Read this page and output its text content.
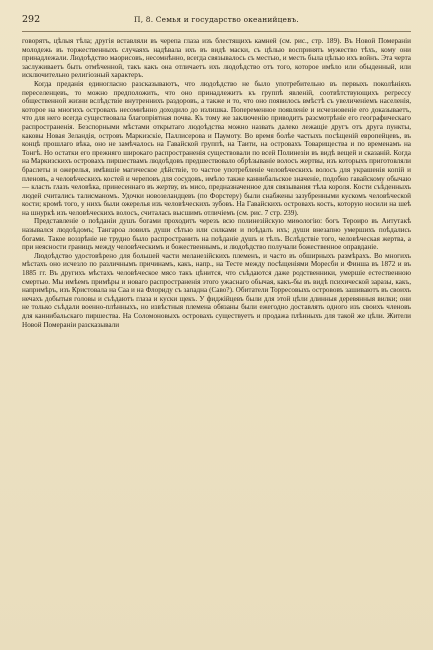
292	П, 8. Семья и государство океанийцевъ.

говорятъ, цѣлыя тѣла; другія вставляли въ черепа глаза изъ блестящихъ камней (см. рис., стр. 189). Въ Новой Помераніи молодежь въ торжественныхъ случаяхъ надѣвала ихъ въ видѣ маски, съ цѣлью воспринять мужество тѣхъ, кому они принадлежали. Людоѣдство маорисовъ, несомнѣнно, всегда связывалось съ местью, и месть была цѣлью ихъ войнъ. Эта черта заслуживаетъ быть отмѣченной, такъ какъ она отличаетъ ихъ людоѣдство отъ того, которое имѣло или обыденный, или исключительно религіозный характеръ.

Когда преданія единогласно разсказываютъ, что людоѣдство не было употребительно въ первыхъ поколѣніяхъ переселенцевъ, то можно предположить, что оно принадлежитъ къ группѣ явленій, соотвѣтствующихъ регрессу общественной жизни вслѣдствіе внутреннихъ раздоровъ, а также и то, что оно появилось вмѣстѣ съ увеличеніемъ населенія, которое на многихъ островахъ несомнѣнно доходило до излишка. Попеременное появленіе и исчезновеніе его доказываетъ, что для него всегда существовала благопріятная почва. Къ тому же заключенію приводитъ разсмотрѣніе его географическаго распространенія. Безспорными мѣстами открытаго людоѣдства можно назвать далеко лежащіе другъ отъ друга пункты, каковы Новая Зеландія, островъ Маркизскіе, Паллисерова и Паумоту. Во время болѣе частыхъ посѣщеній европейцевъ, въ концѣ прошлаго вѣка, оно не замѣчалось на Гавайской группѣ, на Таити, на островахъ Товарищества и по временамъ на Тонгѣ. Но остатки его прежняго широкаго распространенія существовали по всей Полинезіи въ видѣ вещей и сказаній. Когда на Маркизскихъ островахъ пиршествамъ людоѣдовъ предшествовало обрѣзываніе волосъ жертвы, изъ которыхъ приготовляли браслеты и ожерелья, имѣвшіе магическое дѣйствіе, то частое употребленіе человѣческихъ волосъ для украшенія копій и пленовъ, а человѣческихъ костей и череповъ для сосудовъ, имѣло также каннибальское значеніе, подобно гавайскому обычаю — класть глазъ человѣка, принесеннаго въ жертву, въ мисо, предназначенное для связывания тѣла короля. Кости съѣденныхъ людей считались талисманомъ. Удочки новозеландцевъ (по Форстеру) были снабжены зазубренными кускомъ человѣческой кости; кромѣ того, у нихъ были ожерелья изъ человѣческихъ зубовъ. На Гавайскихъ островахъ кость, которую носили на шеѣ на шнуркѣ изъ человѣческихъ волосъ, считалась высшимъ отличіемъ (см. рис. 7 стр. 239).

Представленіе о поѣданіи душъ богами проходитъ черезъ всю полинезійскую миѳологію: богъ Тероиро въ Аитутакѣ назывался людоѣдомъ; Тангароа ловилъ души сѣтью или силками и поѣдалъ ихъ; души внезапно умершихъ поѣдались богами. Такое воззрѣніе не трудно было распространить на поѣданіе душъ и тѣлъ. Вслѣдствіе того, человѣческая жертва, а при неясности границъ между человѣческимъ и божественнымъ, и людоѣдство получали божественное оправданіе.

Людоѣдство удостовѣрено для большей части меланезійскихъ племенъ, и часто въ обширныхъ размѣрахъ. Во многихъ мѣстахъ оно исчезло по различнымъ причинамъ, какъ, напр., на Тесте между посѣщеніями Мореcби и Финша въ 1872 и въ 1885 гг. Въ другихъ мѣстахъ человѣческое мясо такъ цѣнится, что съѣдаются даже родственники, умершіе естественною смертью. Мы имѣемъ примѣры и новаго распространенія этого ужаснаго обычая, какъ-бы въ видѣ психической заразы, какъ, напримѣръ, изъ Кристовала на Саа и на Флориду съ западна (Саво?). Обитатели Торресовыхъ острововъ зашиваютъ въ своихъ нечахъ добытыя головы и съѣдаютъ глаза и куски щекъ. У фиджійцевъ были для этой цѣли длинныя деревянныя вилки; они не только съѣдали военно-плѣнныхъ, но извѣстныя племена обязаны были ежегодно доставлять одного изъ своихъ членовъ для каннибальскаго пиршества. На Соломоновыхъ островахъ существуетъ и продажа плѣнныхъ для такой же цѣли. Жители Новой Помераніи разсказывали
